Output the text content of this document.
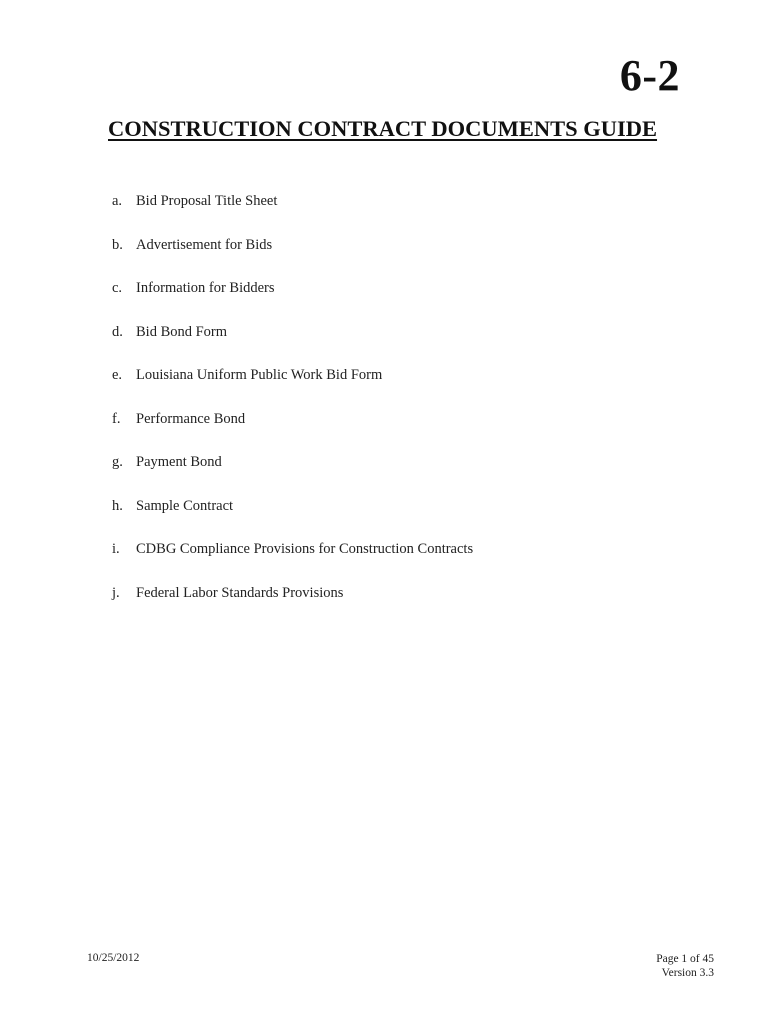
6-2
CONSTRUCTION CONTRACT DOCUMENTS GUIDE
a. Bid Proposal Title Sheet
b. Advertisement for Bids
c. Information for Bidders
d. Bid Bond Form
e. Louisiana Uniform Public Work Bid Form
f.	Performance Bond
g. Payment Bond
h. Sample Contract
i.	CDBG Compliance Provisions for Construction Contracts
j.	Federal Labor Standards Provisions
10/25/2012	Page 1 of 45
Version 3.3
